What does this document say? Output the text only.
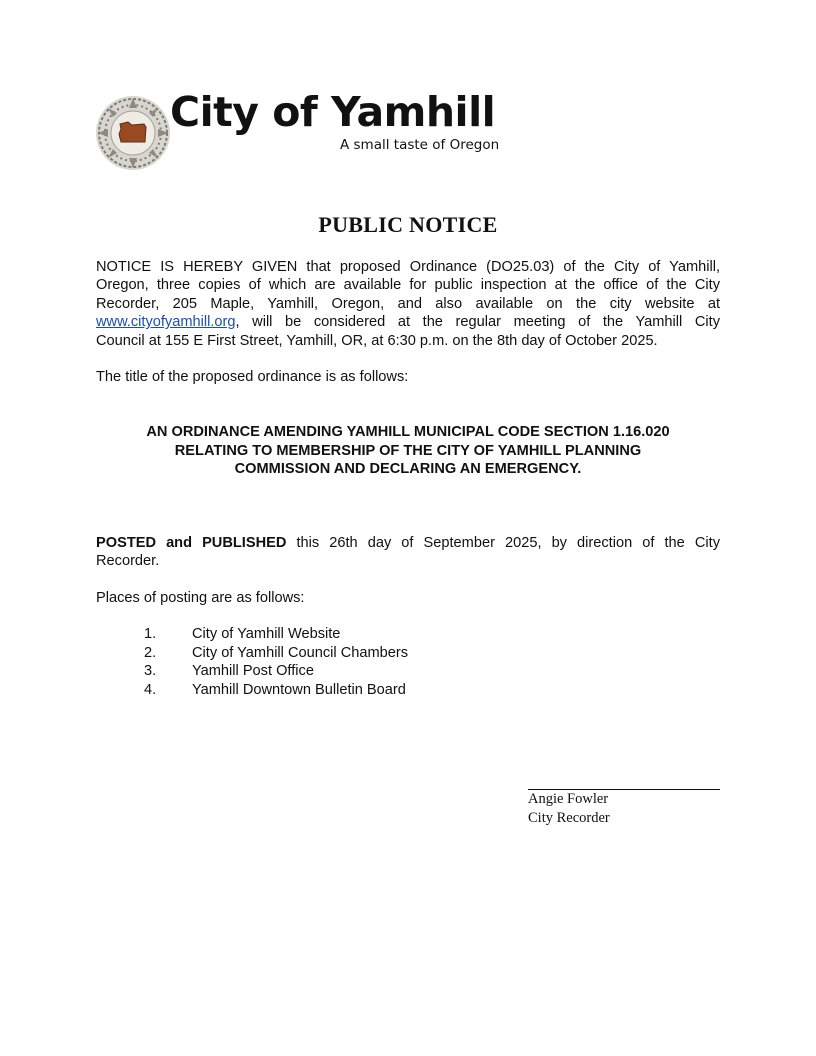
City of Yamhill
A small taste of Oregon
PUBLIC NOTICE
NOTICE IS HEREBY GIVEN that proposed Ordinance (DO25.03) of the City of Yamhill,
Oregon, three copies of which are available for public inspection at the office of the City
Recorder, 205 Maple, Yamhill, Oregon, and also available on the city website at
www.cityofyamhill.org, will be considered at the regular meeting of the Yamhill City
Council at 155 E First Street, Yamhill, OR, at 6:30 p.m. on the 8th day of October 2025.
The title of the proposed ordinance is as follows:
AN ORDINANCE AMENDING YAMHILL MUNICIPAL CODE SECTION 1.16.020
RELATING TO MEMBERSHIP OF THE CITY OF YAMHILL PLANNING
COMMISSION AND DECLARING AN EMERGENCY.
POSTED and PUBLISHED this 26th day of September 2025, by direction of the City
Recorder.
Places of posting are as follows:
1. City of Yamhill Website
2. City of Yamhill Council Chambers
3. Yamhill Post Office
4. Yamhill Downtown Bulletin Board
Angie Fowler
City Recorder
